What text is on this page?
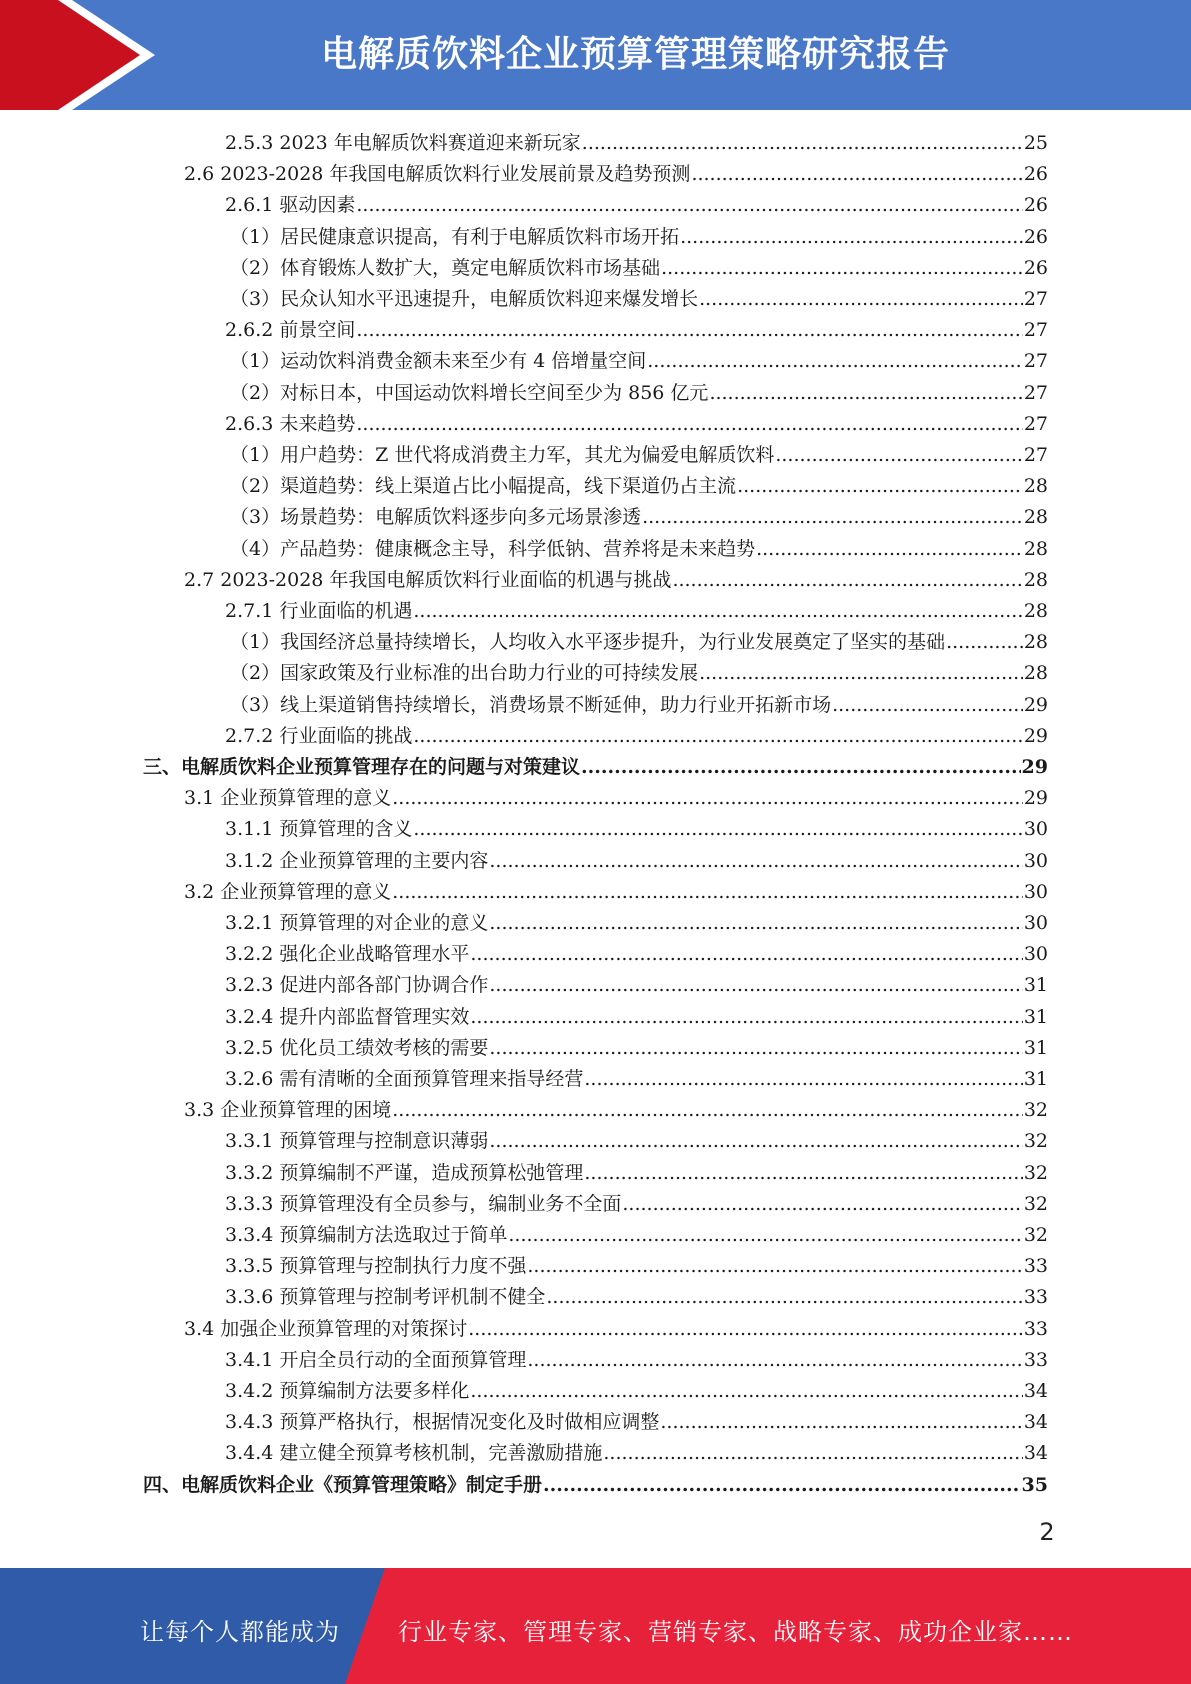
电解质饮料企业预算管理策略研究报告
2.5.3 2023 年电解质饮料赛道迎来新玩家 .....	25
2.6 2023-2028 年我国电解质饮料行业发展前景及趋势预测 .....	26
2.6.1 驱动因素 .....	26
（1）居民健康意识提高，有利于电解质饮料市场开拓 .....	26
（2）体育锻炼人数扩大，奠定电解质饮料市场基础 .....	26
（3）民众认知水平迅速提升，电解质饮料迎来爆发增长 .....	27
2.6.2 前景空间 .....	27
（1）运动饮料消费金额未来至少有 4 倍增量空间 .....	27
（2）对标日本，中国运动饮料增长空间至少为 856 亿元 .....	27
2.6.3 未来趋势 .....	27
（1）用户趋势：Z 世代将成消费主力军，其尤为偏爱电解质饮料 .....	27
（2）渠道趋势：线上渠道占比小幅提高，线下渠道仍占主流 .....	28
（3）场景趋势：电解质饮料逐步向多元场景渗透 .....	28
（4）产品趋势：健康概念主导，科学低钠、营养将是未来趋势 .....	28
2.7 2023-2028 年我国电解质饮料行业面临的机遇与挑战 .....	28
2.7.1 行业面临的机遇 .....	28
（1）我国经济总量持续增长，人均收入水平逐步提升，为行业发展奠定了坚实的基础 .....	28
（2）国家政策及行业标准的出台助力行业的可持续发展 .....	28
（3）线上渠道销售持续增长，消费场景不断延伸，助力行业开拓新市场 .....	29
2.7.2 行业面临的挑战 .....	29
三、电解质饮料企业预算管理存在的问题与对策建议 .....	29
3.1 企业预算管理的意义 .....	29
3.1.1 预算管理的含义 .....	30
3.1.2 企业预算管理的主要内容 .....	30
3.2 企业预算管理的意义 .....	30
3.2.1 预算管理的对企业的意义 .....	30
3.2.2 强化企业战略管理水平 .....	30
3.2.3 促进内部各部门协调合作 .....	31
3.2.4 提升内部监督管理实效 .....	31
3.2.5 优化员工绩效考核的需要 .....	31
3.2.6 需有清晰的全面预算管理来指导经营 .....	31
3.3 企业预算管理的困境 .....	32
3.3.1 预算管理与控制意识薄弱 .....	32
3.3.2 预算编制不严谨，造成预算松弛管理 .....	32
3.3.3 预算管理没有全员参与，编制业务不全面 .....	32
3.3.4 预算编制方法选取过于简单 .....	32
3.3.5 预算管理与控制执行力度不强 .....	33
3.3.6 预算管理与控制考评机制不健全 .....	33
3.4 加强企业预算管理的对策探讨 .....	33
3.4.1 开启全员行动的全面预算管理 .....	33
3.4.2 预算编制方法要多样化 .....	34
3.4.3 预算严格执行，根据情况变化及时做相应调整 .....	34
3.4.4 建立健全预算考核机制，完善激励措施 .....	34
四、电解质饮料企业《预算管理策略》制定手册 .....	35
2
让每个人都能成为 行业专家、管理专家、营销专家、战略专家、成功企业家……
